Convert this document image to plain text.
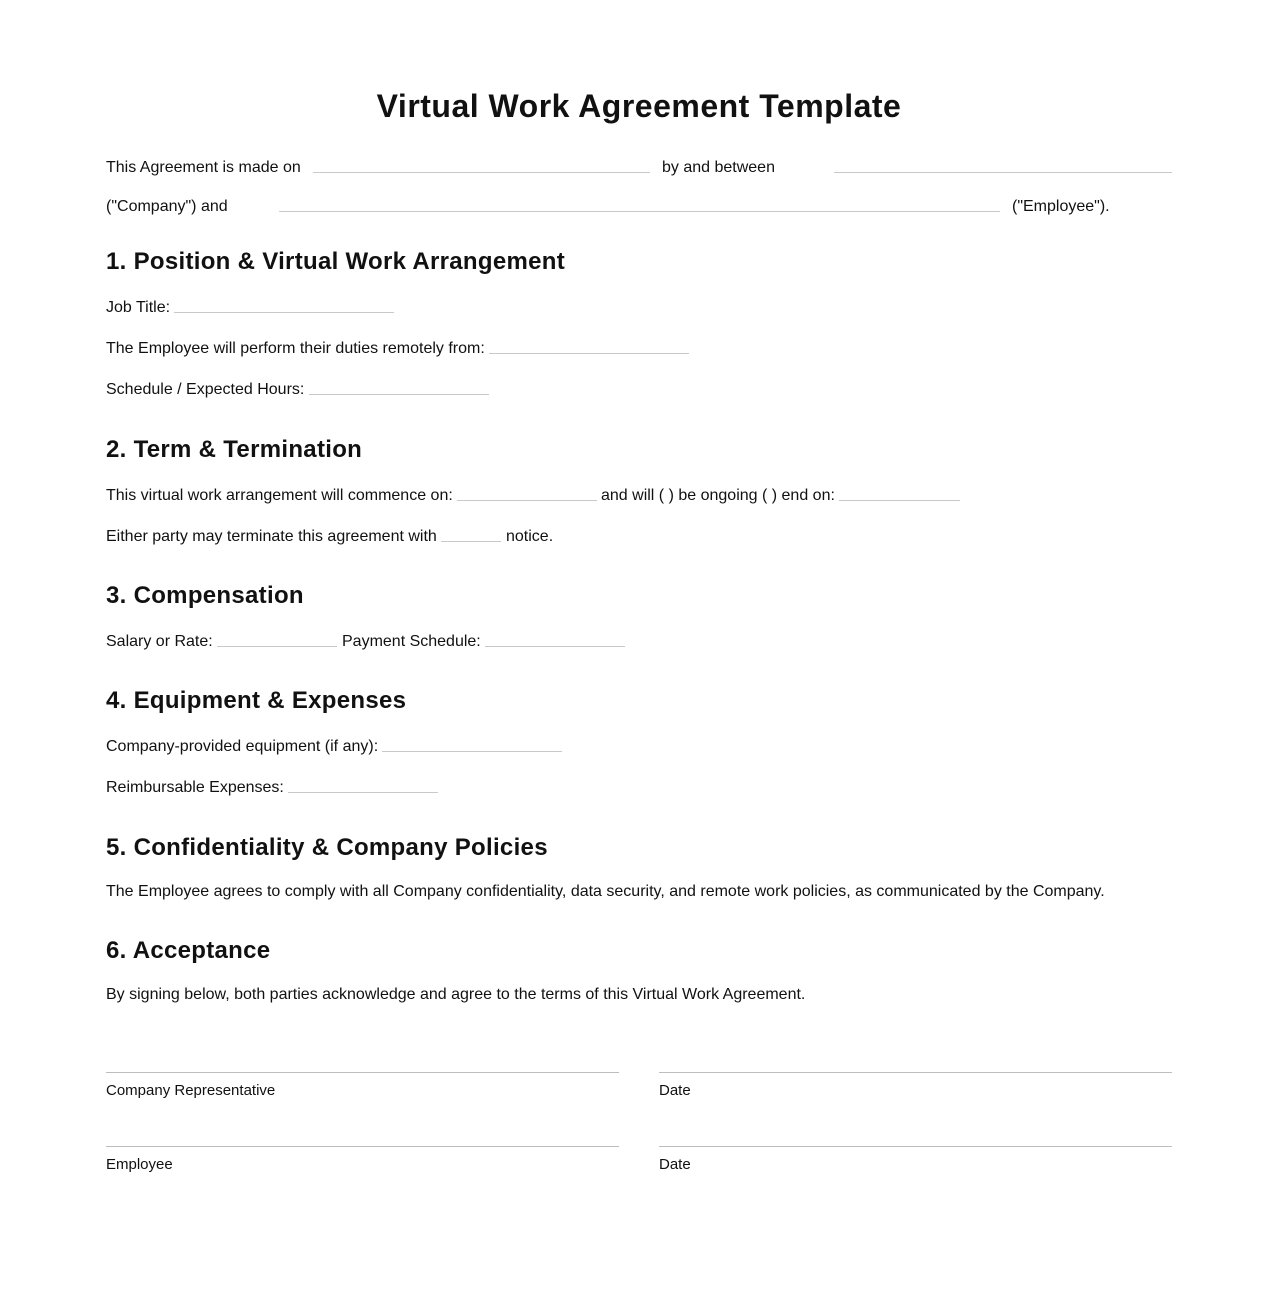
Virtual Work Agreement Template
This Agreement is made on	by and between
("Company") and	("Employee").
1. Position & Virtual Work Arrangement
Job Title:
The Employee will perform their duties remotely from:
Schedule / Expected Hours:
2. Term & Termination
This virtual work arrangement will commence on:	and will ( ) be ongoing ( ) end on:
Either party may terminate this agreement with	notice.
3. Compensation
Salary or Rate:	Payment Schedule:
4. Equipment & Expenses
Company-provided equipment (if any):
Reimbursable Expenses:
5. Confidentiality & Company Policies
The Employee agrees to comply with all Company confidentiality, data security, and remote work policies, as communicated by the Company.
6. Acceptance
By signing below, both parties acknowledge and agree to the terms of this Virtual Work Agreement.
Company Representative	Date
Employee	Date
